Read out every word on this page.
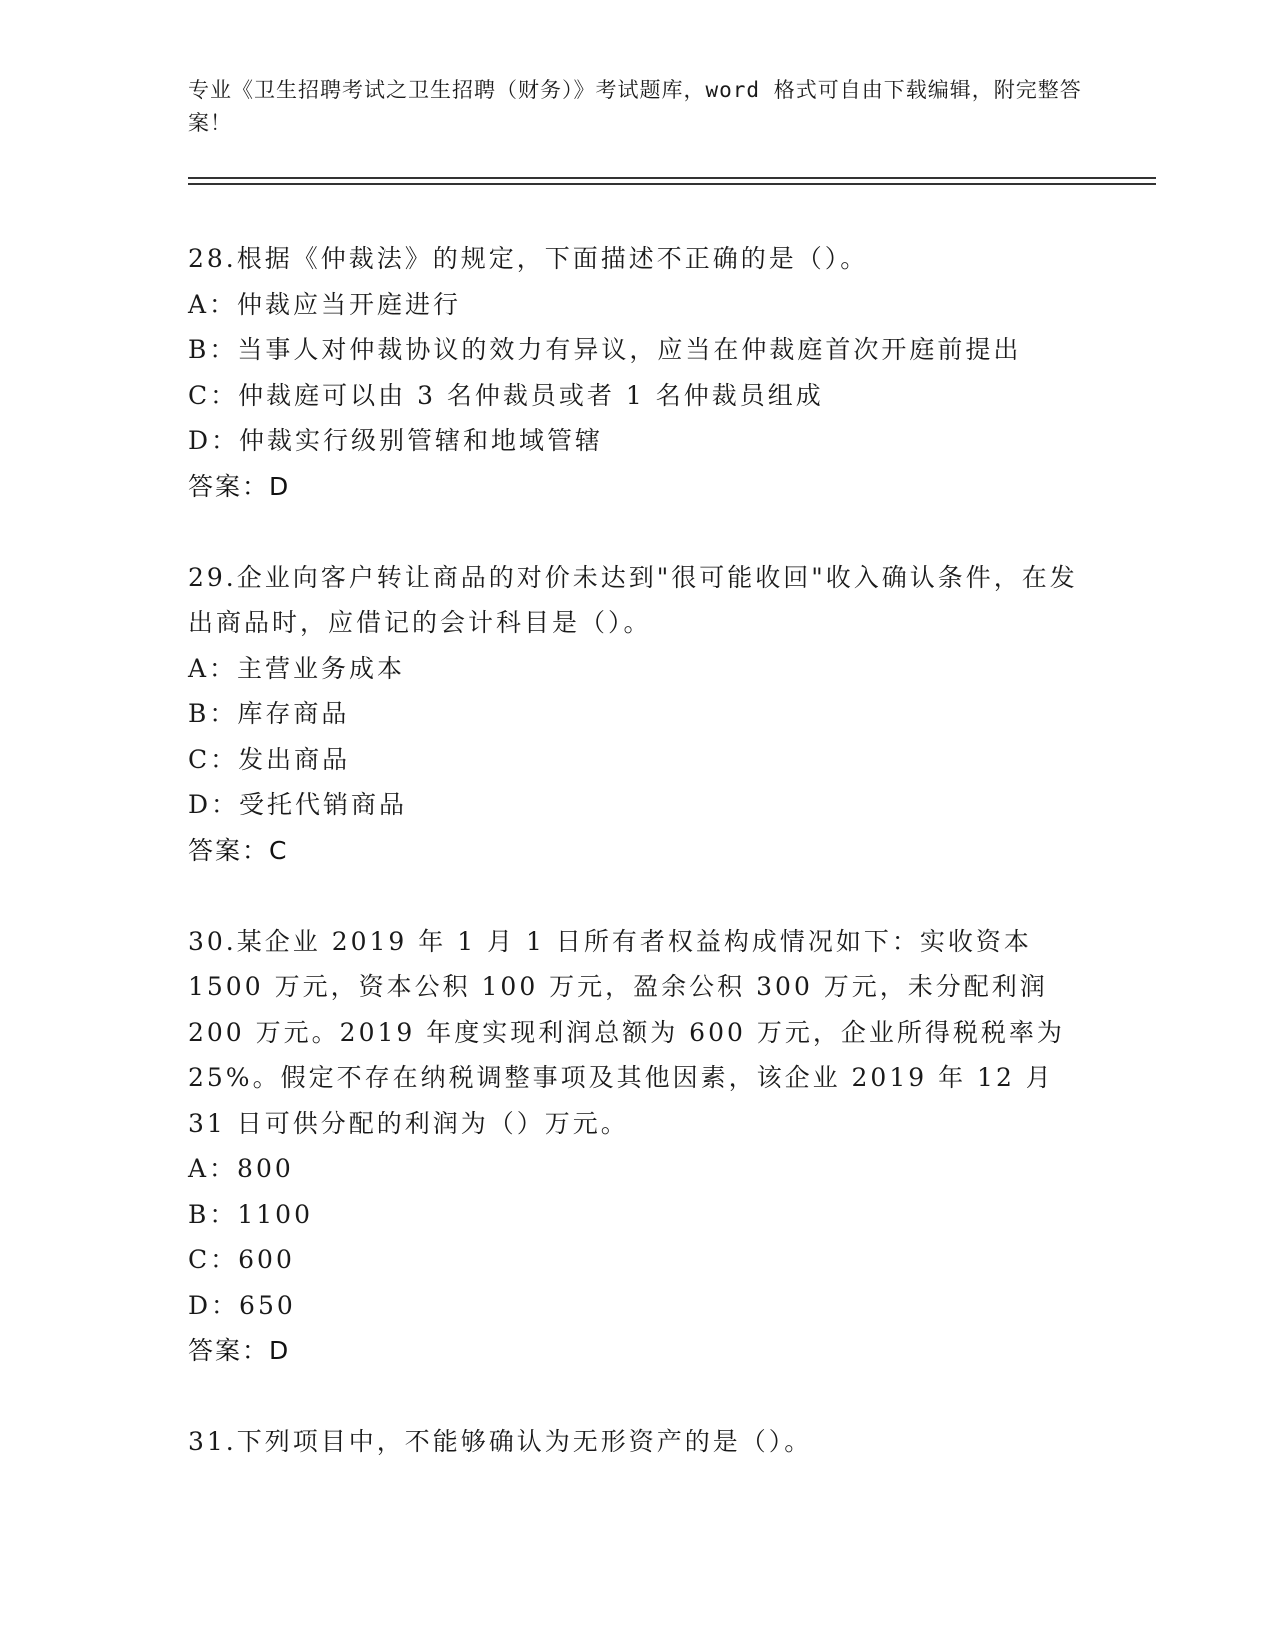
专业《卫生招聘考试之卫生招聘（财务）》考试题库，word 格式可自由下载编辑，附完整答案！

28.根据《仲裁法》的规定，下面描述不正确的是（）。

A：仲裁应当开庭进行

B：当事人对仲裁协议的效力有异议，应当在仲裁庭首次开庭前提出

C：仲裁庭可以由 3 名仲裁员或者 1 名仲裁员组成

D：仲裁实行级别管辖和地域管辖

答案：D

29.企业向客户转让商品的对价未达到"很可能收回"收入确认条件，在发出商品时，应借记的会计科目是（）。

A：主营业务成本

B：库存商品

C：发出商品

D：受托代销商品

答案：C

30.某企业 2019 年 1 月 1 日所有者权益构成情况如下：实收资本 1500 万元，资本公积 100 万元，盈余公积 300 万元，未分配利润 200 万元。2019 年度实现利润总额为 600 万元，企业所得税税率为 25%。假定不存在纳税调整事项及其他因素，该企业 2019 年 12 月 31 日可供分配的利润为（）万元。

A：800

B：1100

C：600

D：650

答案：D

31.下列项目中，不能够确认为无形资产的是（）。
